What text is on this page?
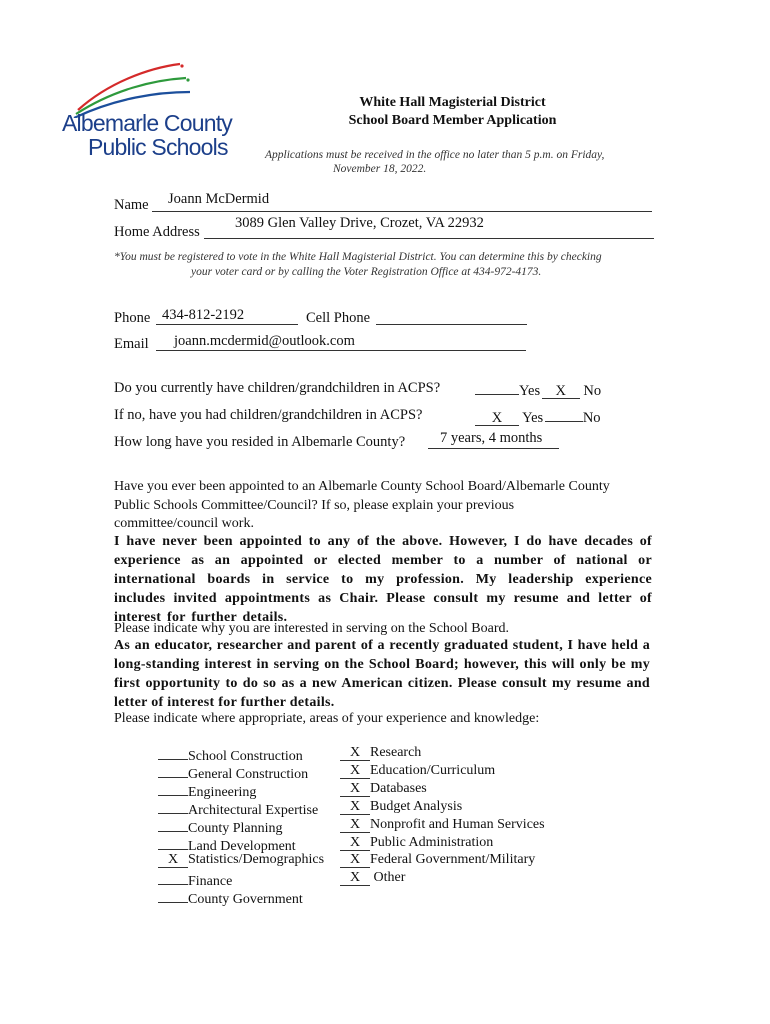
Albemarle County
Public Schools
White Hall Magisterial District
School Board Member Application
Applications must be received in the office no later than 5 p.m. on Friday,
November 18, 2022.
Name Joann McDermid
Home Address
3089 Glen Valley Drive, Crozet, VA 22932
*You must be registered to vote in the White Hall Magisterial District. You can determine this by checking
your voter card or by calling the Voter Registration Office at 434-972-4173.
Phone 434-812-2192	Cell Phone
Email joann.mcdermid@outlook.com
Do you currently have children/grandchildren in ACPS?	Yes X No
If no, have you had children/grandchildren in ACPS?	X Yes	No
How long have you resided in Albemarle County? 7 years, 4 months
Have you ever been appointed to an Albemarle County School Board/Albemarle County
Public Schools Committee/Council? If so, please explain your previous
committee/council work.
I have never been appointed to any of the above. However, I do have decades of experience as an appointed or elected member to a number of national or international boards in service to my profession. My leadership experience includes invited appointments as Chair. Please consult my resume and letter of interest for further details.
Please indicate why you are interested in serving on the School Board.
As an educator, researcher and parent of a recently graduated student, I have held a long-standing interest in serving on the School Board; however, this will only be my first opportunity to do so as a new American citizen. Please consult my resume and letter of interest for further details.
Please indicate where appropriate, areas of your experience and knowledge:
School Construction
General Construction
Engineering
Architectural Expertise
County Planning
Land Development
X Statistics/Demographics
Finance
County Government
X Research
X Education/Curriculum
X Databases
X Budget Analysis
X Nonprofit and Human Services
X Public Administration
X Federal Government/Military
X Other
